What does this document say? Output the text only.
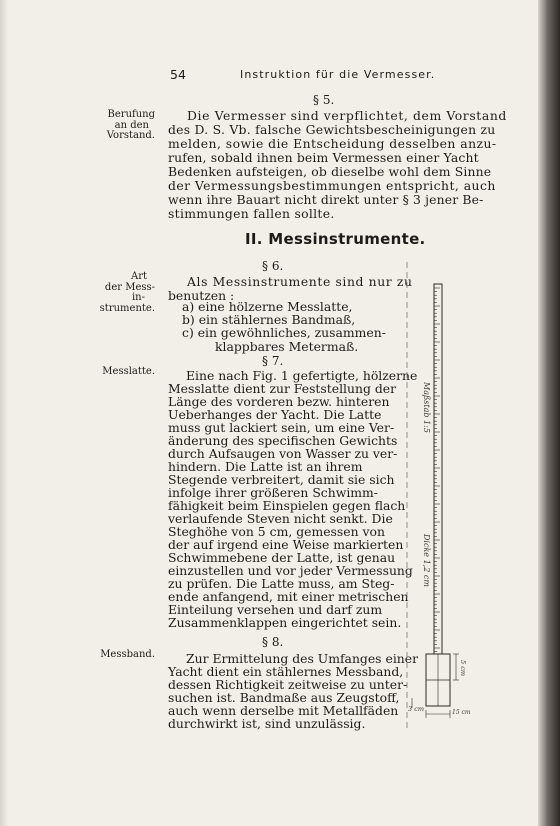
54	Instruktion für die Vermesser.
§ 5.
Berufung
an den
Vorstand.
Die Vermesser sind verpflichtet, dem Vorstand
des D. S. Vb. falsche Gewichtsbescheinigungen zu
melden, sowie die Entscheidung desselben anzu-
rufen, sobald ihnen beim Vermessen einer Yacht
Bedenken aufsteigen, ob dieselbe wohl dem Sinne
der Vermessungsbestimmungen entspricht, auch
wenn ihre Bauart nicht direkt unter § 3 jener Be-
stimmungen fallen sollte.
II. Messinstrumente.
§ 6.
Art
der Mess-
in-
strumente.
Als Messinstrumente sind nur zu
benutzen :
a) eine hölzerne Messlatte,
b) ein stählernes Bandmaß,
c) ein gewöhnliches, zusammen-
klappbares Metermaß.
§ 7.
Messlatte.	Eine nach Fig. 1 gefertigte, hölzerne
Messlatte dient zur Feststellung der
Länge des vorderen bezw. hinteren
Ueberhanges der Yacht. Die Latte
muss gut lackiert sein, um eine Ver-
änderung des specifischen Gewichts
durch Aufsaugen von Wasser zu ver-
hindern. Die Latte ist an ihrem
Stegende verbreitert, damit sie sich
infolge ihrer größeren Schwimm-
fähigkeit beim Einspielen gegen flach
verlaufende Steven nicht senkt. Die
Steghöhe von 5 cm, gemessen von
der auf irgend eine Weise markierten
Schwimmebene der Latte, ist genau
einzustellen und vor jeder Vermessung
zu prüfen. Die Latte muss, am Steg-
ende anfangend, mit einer metrischen
Einteilung versehen und darf zum
Zusammenklappen eingerichtet sein.
§ 8.
Messband.	Zur Ermittelung des Umfanges einer
Yacht dient ein stählernes Messband,
dessen Richtigkeit zeitweise zu unter-
suchen ist. Bandmaße aus Zeugstoff,
auch wenn derselbe mit Metallfäden
durchwirkt ist, sind unzulässig.
Maßstab 1:5
Dicke 1,2 cm
5 cm
3 cm	15 cm
